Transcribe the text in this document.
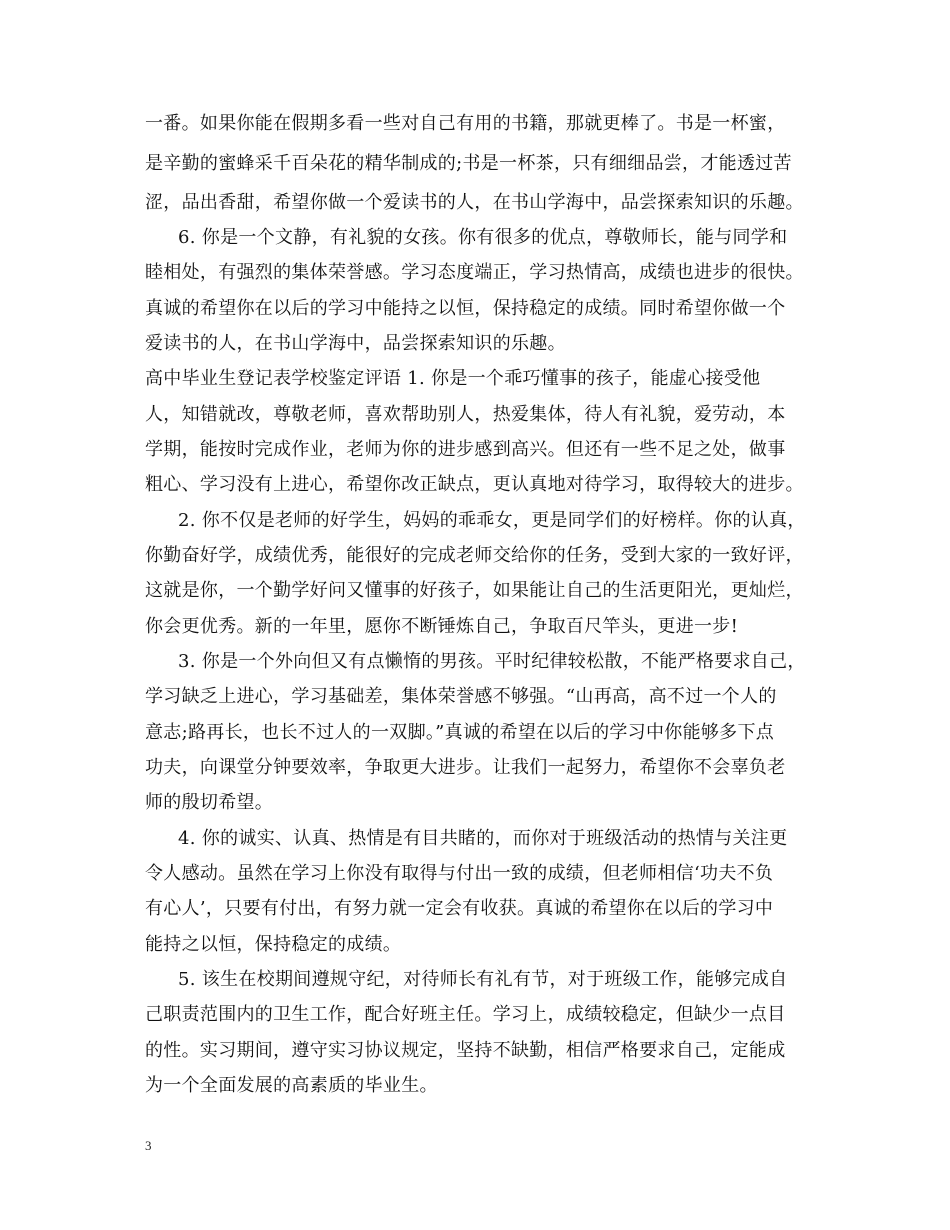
一番。如果你能在假期多看一些对自己有用的书籍，那就更棒了。书是一杯蜜，
是辛勤的蜜蜂采千百朵花的精华制成的;书是一杯茶，只有细细品尝，才能透过苦
涩，品出香甜，希望你做一个爱读书的人，在书山学海中，品尝探索知识的乐趣。
6. 你是一个文静，有礼貌的女孩。你有很多的优点，尊敬师长，能与同学和
睦相处，有强烈的集体荣誉感。学习态度端正，学习热情高，成绩也进步的很快。
真诚的希望你在以后的学习中能持之以恒，保持稳定的成绩。同时希望你做一个
爱读书的人，在书山学海中，品尝探索知识的乐趣。
高中毕业生登记表学校鉴定评语 1. 你是一个乖巧懂事的孩子，能虚心接受他
人，知错就改，尊敬老师，喜欢帮助别人，热爱集体，待人有礼貌，爱劳动，本
学期，能按时完成作业，老师为你的进步感到高兴。但还有一些不足之处，做事
粗心、学习没有上进心，希望你改正缺点，更认真地对待学习，取得较大的进步。
2. 你不仅是老师的好学生，妈妈的乖乖女，更是同学们的好榜样。你的认真，
你勤奋好学，成绩优秀，能很好的完成老师交给你的任务，受到大家的一致好评，
这就是你，一个勤学好问又懂事的好孩子，如果能让自己的生活更阳光，更灿烂，
你会更优秀。新的一年里，愿你不断锤炼自己，争取百尺竿头，更进一步!
3. 你是一个外向但又有点懒惰的男孩。平时纪律较松散，不能严格要求自己，
学习缺乏上进心，学习基础差，集体荣誉感不够强。“山再高，高不过一个人的
意志;路再长，也长不过人的一双脚。”真诚的希望在以后的学习中你能够多下点
功夫，向课堂分钟要效率，争取更大进步。让我们一起努力，希望你不会辜负老
师的殷切希望。
4. 你的诚实、认真、热情是有目共睹的，而你对于班级活动的热情与关注更
令人感动。虽然在学习上你没有取得与付出一致的成绩，但老师相信‘功夫不负
有心人’，只要有付出，有努力就一定会有收获。真诚的希望你在以后的学习中
能持之以恒，保持稳定的成绩。
5. 该生在校期间遵规守纪，对待师长有礼有节，对于班级工作，能够完成自
己职责范围内的卫生工作，配合好班主任。学习上，成绩较稳定，但缺少一点目
的性。实习期间，遵守实习协议规定，坚持不缺勤，相信严格要求自己，定能成
为一个全面发展的高素质的毕业生。
3
